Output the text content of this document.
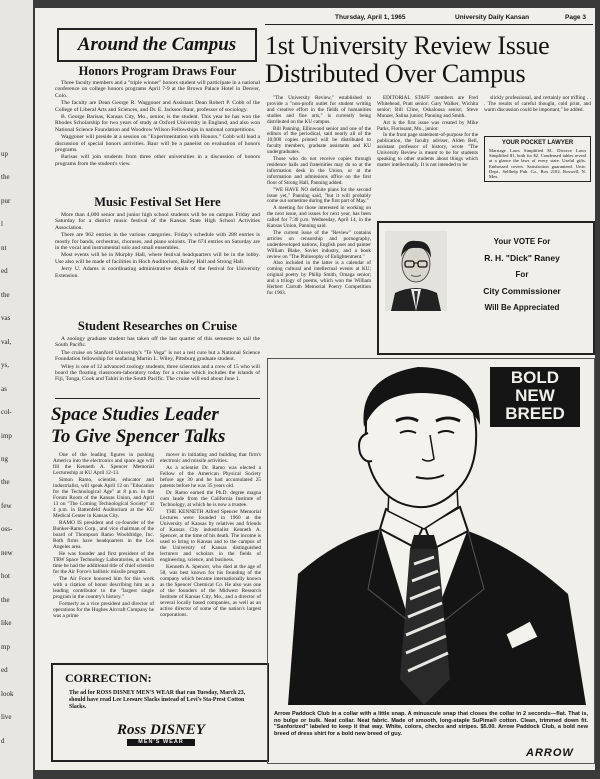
up
the
pur
l
nt
ed
the
vas
val,
ys,
as
col-
imp
ng
the
few
oss-
new
hot
the
like
mp
ed
look
live
d
Thursday, April 1, 1965	University Daily Kansan	Page 3
Around the Campus
Honors Program Draws Four

Three faculty members and a "triple winner" honors student will participate in a national conference on college honors programs April 7-9 at the Brown Palace Hotel in Denver, Colo.

The faculty are Dean George R. Waggoner and Assistant Dean Robert P. Cobb of the College of Liberal Arts and Sciences, and Dr. E. Jackson Baur, professor of sociology.

B. George Barisas, Kansas City, Mo., senior, is the student. This year he has won the Rhodes Scholarship for two years of study at Oxford University in England, and also won National Science Foundation and Woodrow Wilson Fellowships in national competitions.

Waggoner will preside at a session on "Experimentation with Honors." Cobb will lead a discussion of special honors activities. Baur will be a panelist on evaluation of honors programs.

Barisas will join students from three other universities in a discussion of honors programs from the student's view.

Music Festival Set Here

More than 4,000 senior and junior high school students will be on campus Friday and Saturday for a district music festival of the Kansas State High School Activities Association.

There are 962 entries in the various categories. Friday's schedule with 288 entries is mostly for bands, orchestras, choruses, and piano soloists. The 674 entries on Saturday are in the vocal and instrumental solo and small ensembles.

Most events will be in Murphy Hall, where festival headquarters will be in the lobby. Use also will be made of facilities in Hoch Auditorium, Bailey Hall and Strong Hall.

Jerry U. Adams is coordinating administrative details of the festival for University Extension.

Student Researches on Cruise

A zoology graduate student has taken off the last quarter of this semester to sail the South Pacific.

The cruise on Stanford University's "Te Vega" is not a rest cure but a National Science Foundation fellowship for seafaring Martin L. Wiley, Pittsburg graduate student.

Wiley is one of 12 advanced zoology students, three scientists and a crew of 15 who will board the floating classroom-laboratory today for a cruise which includes the islands of Fiji, Tonga, Cook and Tahiti in the South Pacific. The cruise will end about June 1.

Space Studies Leader
To Give Spencer Talks

One of the leading figures in pushing America into the electronics and space age will fill the Kenneth A. Spencer Memorial Lectureship at KU April 12-13.

Simon Ramo, scientist, educator and industrialist, will speak April 12 on "Education for the Technological Age" at 8 p.m. in the Forum Room of the Kansas Union, and April 13 on "The Coming Technological Society" at 4 p.m. in Battenfeld Auditorium at the KU Medical Center in Kansas City.

RAMO IS president and co-founder of the Bunker-Ramo Corp., and vice chairman of the board of Thompson Ramo Wooldridge, Inc. Both firms have headquarters in the Los Angeles area.

He was founder and first president of the TRW Space Technology Laboratories, at which time he had the additional title of chief scientist for the Air Force's ballistic missile program.

The Air Force honored him for this work with a citation of honor describing him as a leading contributor to the "largest single program in the country's history."

Formerly as a vice president and director of operations for the Hughes Aircraft Company he was a prime

mover in initiating and building that firm's electronic and missile activities.

As a scientist Dr. Ramo was elected a Fellow of the American Physical Society before age 30 and he had accumulated 25 patents before he was 35 years old.

Dr. Ramo earned the Ph.D. degree magna cum laude from the California Institute of Technology, at which he is now a trustee.

THE KENNETH Alfred Spencer Memorial Lectures were founded in 1960 at the University of Kansas by relatives and friends of Kansas City industrialist Kenneth A. Spencer, at the time of his death. The income is used to bring to Kansas and to the campus of the University of Kansas distinguished lecturers and scholars in the fields of engineering, science, and business.

Kenneth A. Spencer, who died at the age of 58, was best known for his founding of the company which became internationally known as the Spencer Chemical Co. He also was one of the founders of the Midwest Research Institute of Kansas City, Mo., and a director of several locally based companies, as well as an active director of some of the nation's largest corporations.

CORRECTION:
The ad for ROSS DISNEY MEN'S WEAR that ran Tuesday, March 23, should have read Lee Leesure Slacks instead of Levi's Sta-Prest Cotton Slacks.
Ross DISNEY
MEN'S WEAR
1st University Review Issue
Distributed Over Campus

"The University Review," established to provide a "non-profit outlet for student writing and creative effort in the fields of humanities studies and fine arts," is currently being distributed on the KU campus.

Bill Panning, Ellinwood senior and one of the editors of the periodical, said nearly all of the 10,000 copies printed will be distributed to faculty members, graduate assistants and KU undergraduates.

Those who do not receive copies through residence halls and fraternities may do so at the information desk in the Union, or at the information and admissions office on the first floor of Strong Hall, Panning added.

"WE HAVE NO definite plans for the second issue yet," Panning said, "but it will probably come out sometime during the first part of May."

A meeting for those interested in working on the next issue, and issues for next year, has been called for 7:30 p.m. Wednesday, April 14, in the Kansas Union, Panning said.

The current issue of the "Review" contains articles on censorship and pornography, underdeveloped nations, English poet and painter William Blake, Soviet industry, and a book review on "The Philosophy of Enlightenment."

Also included in the latter is a calendar of coming cultural and intellectual events at KU; original poetry by Philip Smith, Omaga senior; and a trilogy of poems, which won the William Herbert Carruth Memorial Poetry Competition for 1963.

EDITORIAL STAFF members are Fred Whitehead, Pratt senior; Gary Walker, Wichita senior; Bill Cline, Oskaloosa senior; Steve Munzer, Salina junior; Panning and Smith.

Art is the first issue was created by Mike Parks, Florissant, Mo., junior.

In the front page statement-of-purpose for the publication, the faculty adviser, Alden Bell, assistant professor of history, wrote "The University Review is meant to be for students speaking to other students about things which matter intellectually. It is not intended to be

slickly professional, and certainly not trifling . . . The results of careful thought, cold print, and warm discussion could be important," he added.

YOUR POCKET LAWYER
Marriage Laws Simplified $1. Divorce Laws Simplified $1, both for $2. Condensed tables reveal at a glance the laws of every state. Useful gifts. Embossed covers. Satisfaction guaranteed. Univ. Dept., Selfhelp Pub. Co., Box 2102, Roswell, N. Mex.
Your VOTE For
R. H. "Dick" Raney
For
City Commissioner
Will Be Appreciated
BOLD
NEW
BREED
Arrow Paddock Club in a collar with a little snap. A minuscule snap that closes the collar in 2 seconds—flat. That is, no bulge or bulk. Neat collar. Neat fabric. Made of smooth, long-staple SuPima® cotton. Clean, trimmed down fit. "Sanforized" labeled to keep it that way. White, colors, checks and stripes. $5.00. Arrow Paddock Club, a bold new breed of dress shirt for a bold new breed of guy.
ARROW
